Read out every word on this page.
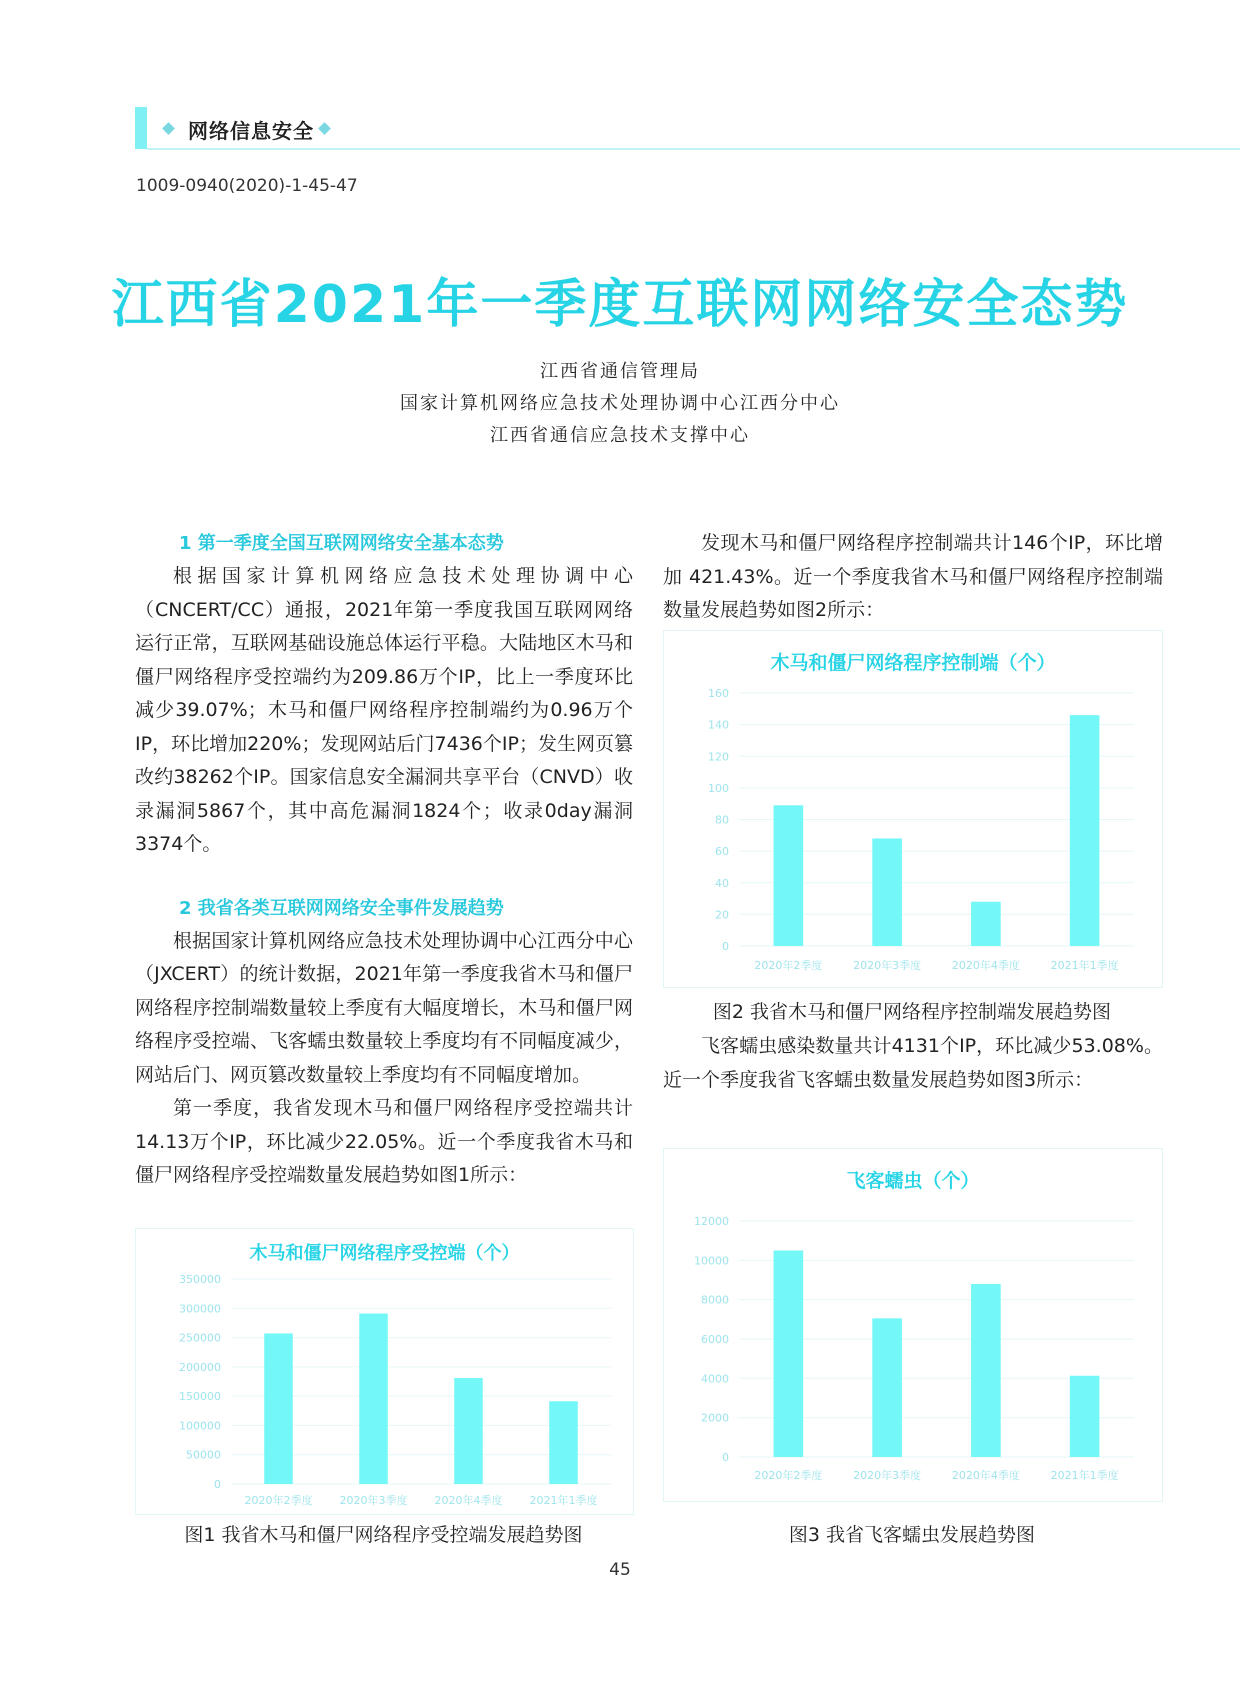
网络信息安全
1009-0940(2020)-1-45-47
江西省2021年一季度互联网网络安全态势
江西省通信管理局
国家计算机网络应急技术处理协调中心江西分中心
江西省通信应急技术支撑中心
1 第一季度全国互联网网络安全基本态势

根据国家计算机网络应急技术处理协调中心（CNCERT/CC）通报，2021年第一季度我国互联网网络运行正常，互联网基础设施总体运行平稳。大陆地区木马和僵尸网络程序受控端约为209.86万个IP，比上一季度环比减少39.07%；木马和僵尸网络程序控制端约为0.96万个IP，环比增加220%；发现网站后门7436个IP；发生网页篡改约38262个IP。国家信息安全漏洞共享平台（CNVD）收录漏洞5867个，其中高危漏洞1824个；收录0day漏洞3374个。

2 我省各类互联网网络安全事件发展趋势

根据国家计算机网络应急技术处理协调中心江西分中心（JXCERT）的统计数据，2021年第一季度我省木马和僵尸网络程序控制端数量较上季度有大幅度增长，木马和僵尸网络程序受控端、飞客蠕虫数量较上季度均有不同幅度减少，网站后门、网页篡改数量较上季度均有不同幅度增加。

第一季度，我省发现木马和僵尸网络程序受控端共计14.13万个IP，环比减少22.05%。近一个季度我省木马和僵尸网络程序受控端数量发展趋势如图1所示：

木马和僵尸网络程序受控端（个）
0
50000
100000
150000
200000
250000
300000
350000
2020年2季度 2020年3季度 2020年4季度 2021年1季度
图1 我省木马和僵尸网络程序受控端发展趋势图

发现木马和僵尸网络程序控制端共计146个IP，环比增加 421.43%。近一个季度我省木马和僵尸网络程序控制端数量发展趋势如图2所示：

木马和僵尸网络程序控制端（个）
0
20
40
60
80
100
120
140
160
2020年2季度	2020年3季度	2020年4季度	2021年1季度
图2 我省木马和僵尸网络程序控制端发展趋势图

飞客蠕虫感染数量共计4131个IP，环比减少53.08%。近一个季度我省飞客蠕虫数量发展趋势如图3所示：

飞客蠕虫（个）
0
2000
4000
6000
8000
10000
12000
2020年2季度	2020年3季度	2020年4季度	2021年1季度
图3 我省飞客蠕虫发展趋势图
45
